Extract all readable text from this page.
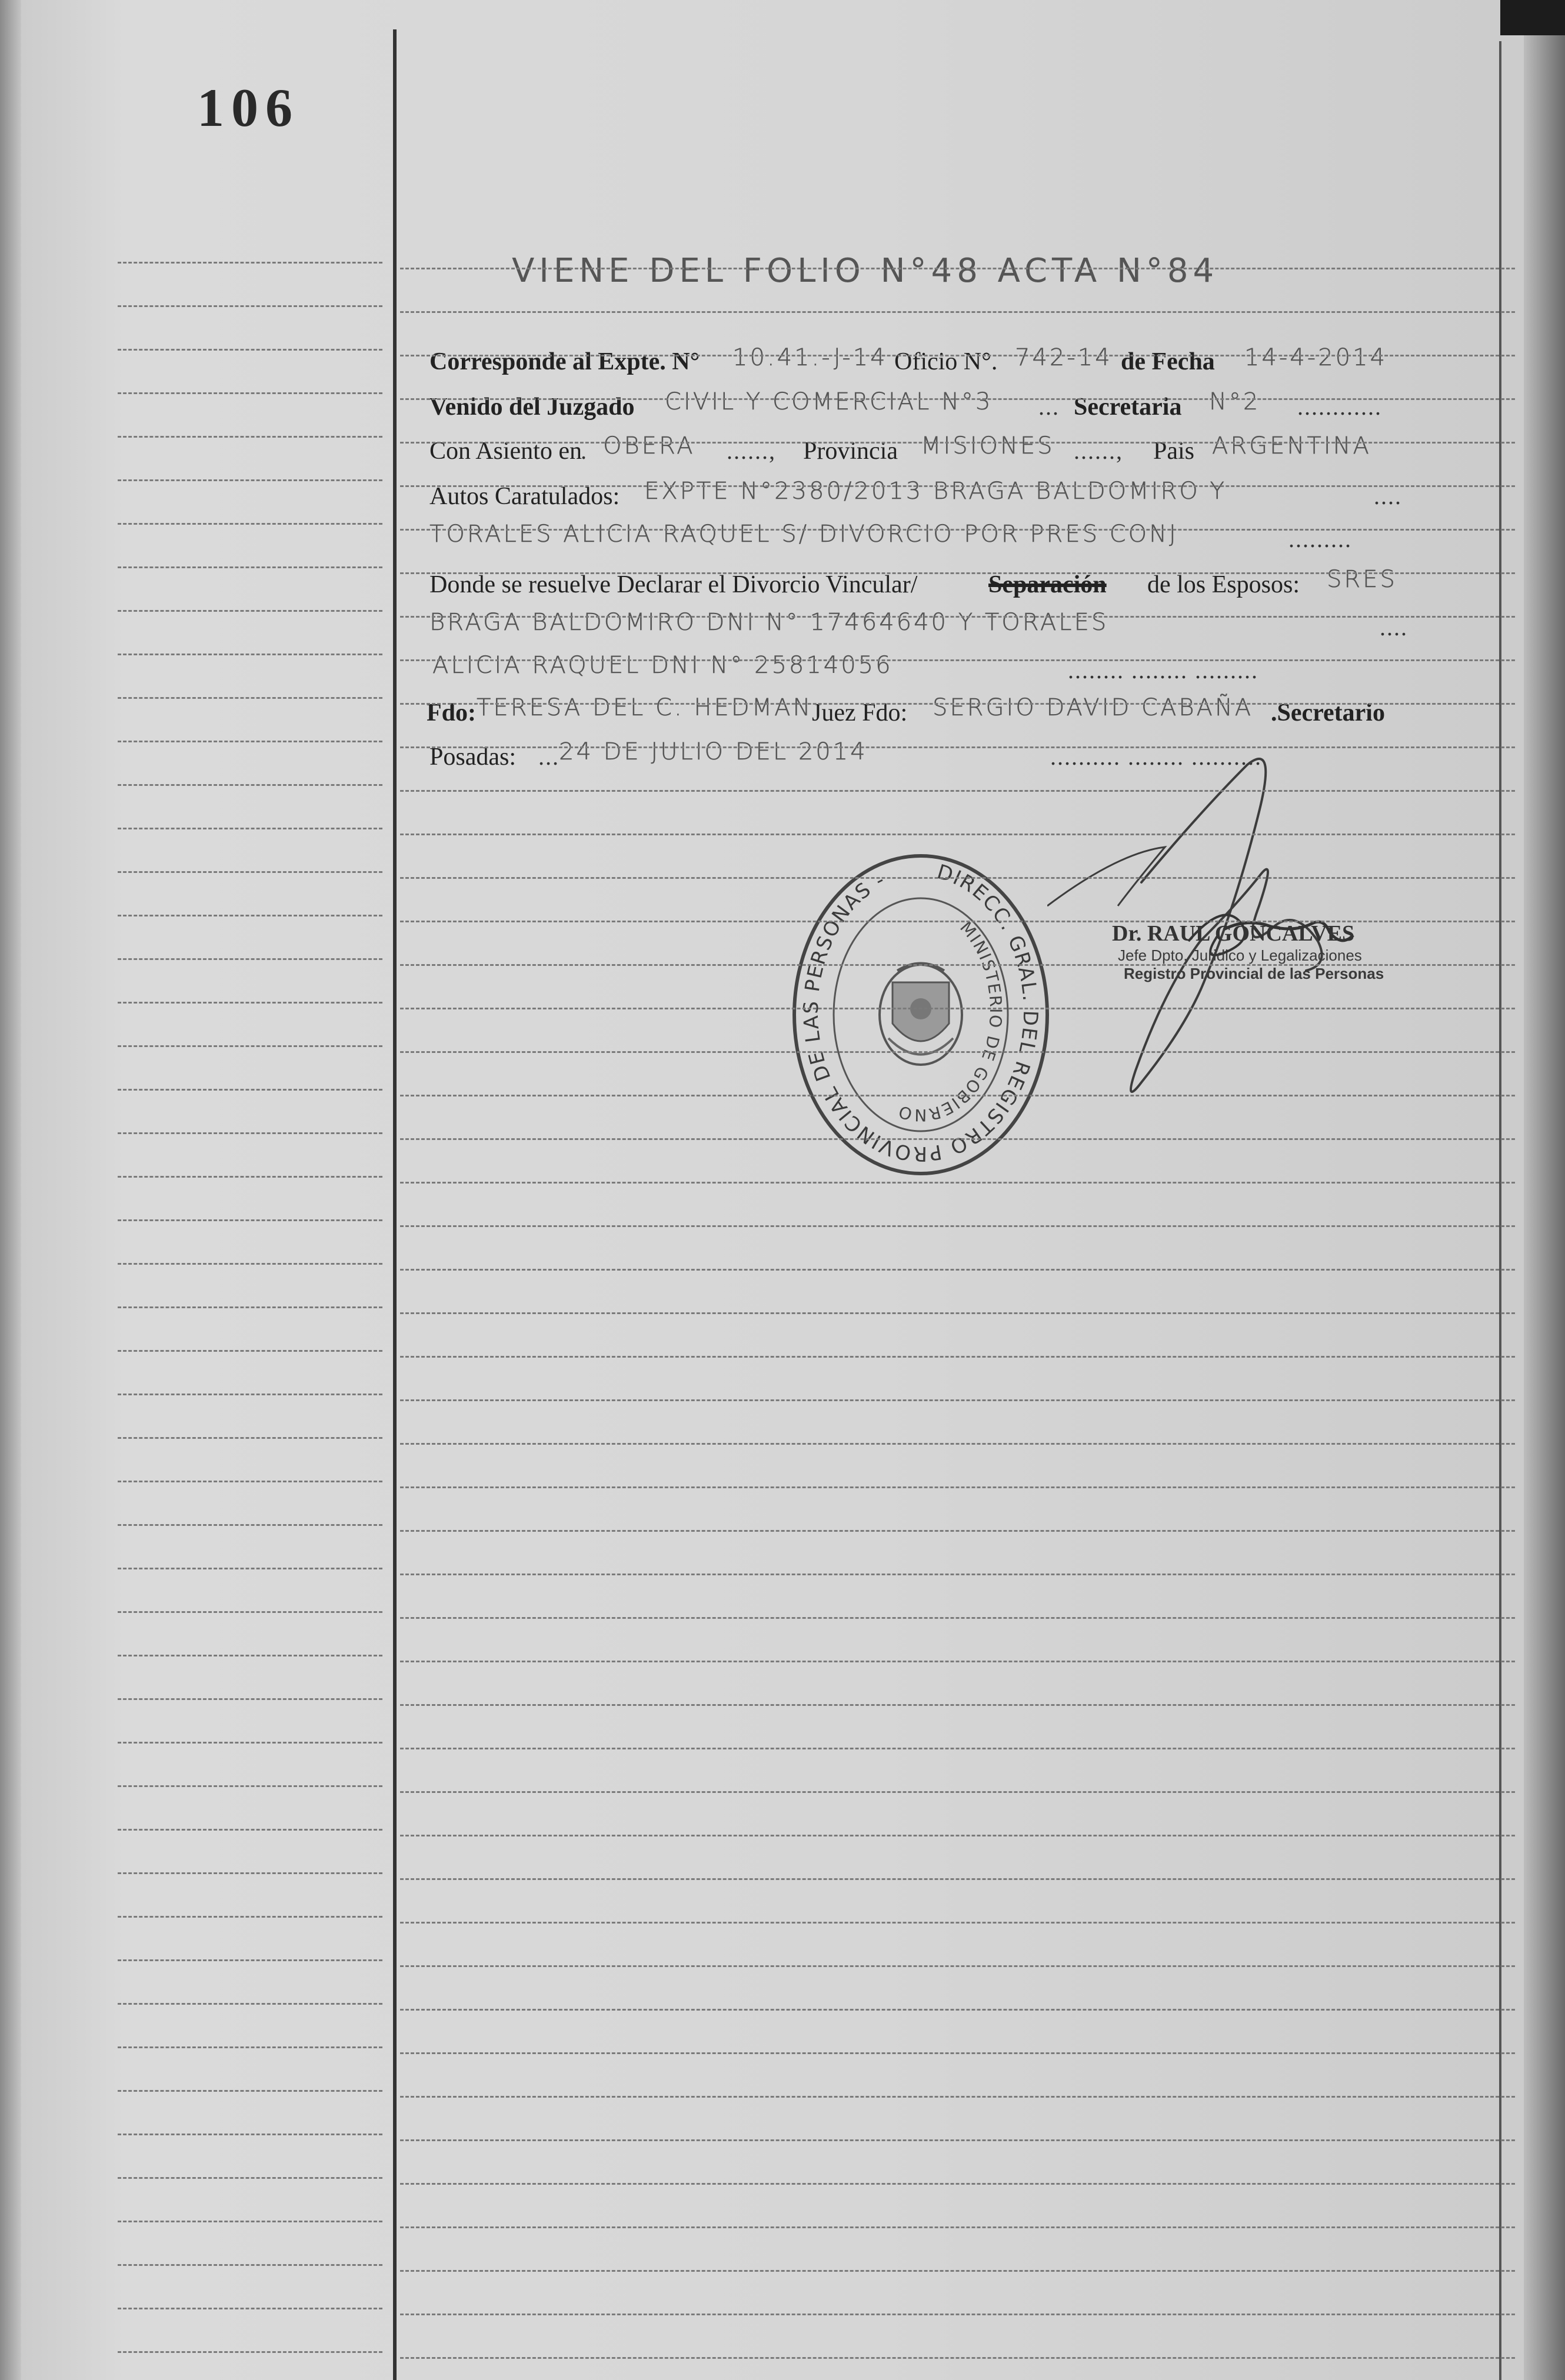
106
VIENE DEL FOLIO N°48 ACTA N°84
Corresponde al Expte. N° 10.41.-J-14 Oficio N°. 742-14 de Fecha 14-4-2014
Venido del Juzgado CIVIL Y COMERCIAL N°3 ... Secretaria N°2 ............
Con Asiento en
. OBERA ......, Provincia MISIONES ......, Pais ARGENTINA
Autos Caratulados: EXPTE N°2380/2013 BRAGA BALDOMIRO Y	....
TORALES ALICIA RAQUEL S/ DIVORCIO POR PRES CONJ	.........
Donde se resuelve Declarar el Divorcio Vincular/	Separación de los Esposos: SRES
BRAGA BALDOMIRO DNI N° 17464640 Y TORALES	....
ALICIA RAQUEL DNI N° 25814056	........ ........ .........
Fdo: TERESA DEL C. HEDMAN
Juez Fdo: SERGIO DAVID CABAÑA .Secretario
Posadas: ... 24 DE JULIO DEL 2014	.......... ........ ..........
DIRECC. GRAL. DEL REGISTRO PROVINCIAL DE LAS PERSONAS -
MINISTERIO DE GOBIERNO
Dr. RAUL GONCALVES
Jefe Dpto. Juridico y Legalizaciones
Registro Provincial de las Personas
